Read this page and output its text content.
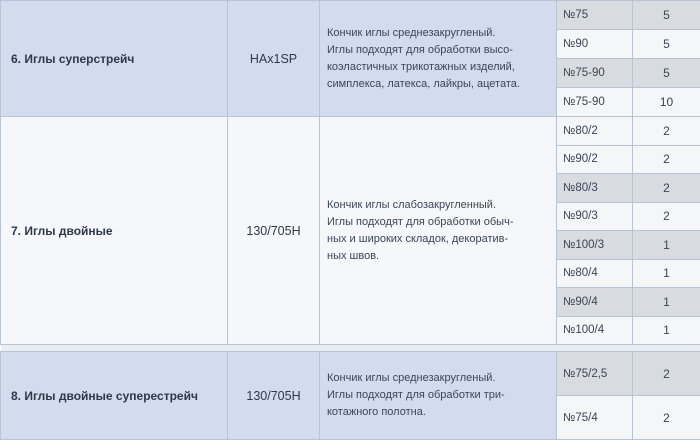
6. Иглы суперстрейч	HAx1SP	Кончик иглы среднезакругленый.
Иглы подходят для обработки высо-
коэластичных трикотажных изделий,
симплекса, латекса, лайкры, ацетата.	№75	5
			№90	5
			№75-90	5
			№75-90	10
7. Иглы двойные	130/705H	Кончик иглы слабозакругленный.
Иглы подходят для обработки обыч-
ных и широких складок, декоратив-
ных швов.	№80/2	2
			№90/2	2
			№80/3	2
			№90/3	2
			№100/3	1
			№80/4	1
			№90/4	1
			№100/4	1

8. Иглы двойные суперестрейч	130/705H	Кончик иглы среднезакругленый.
Иглы подходят для обработки три-
котажного полотна.	№75/2,5	2
			№75/4	2
